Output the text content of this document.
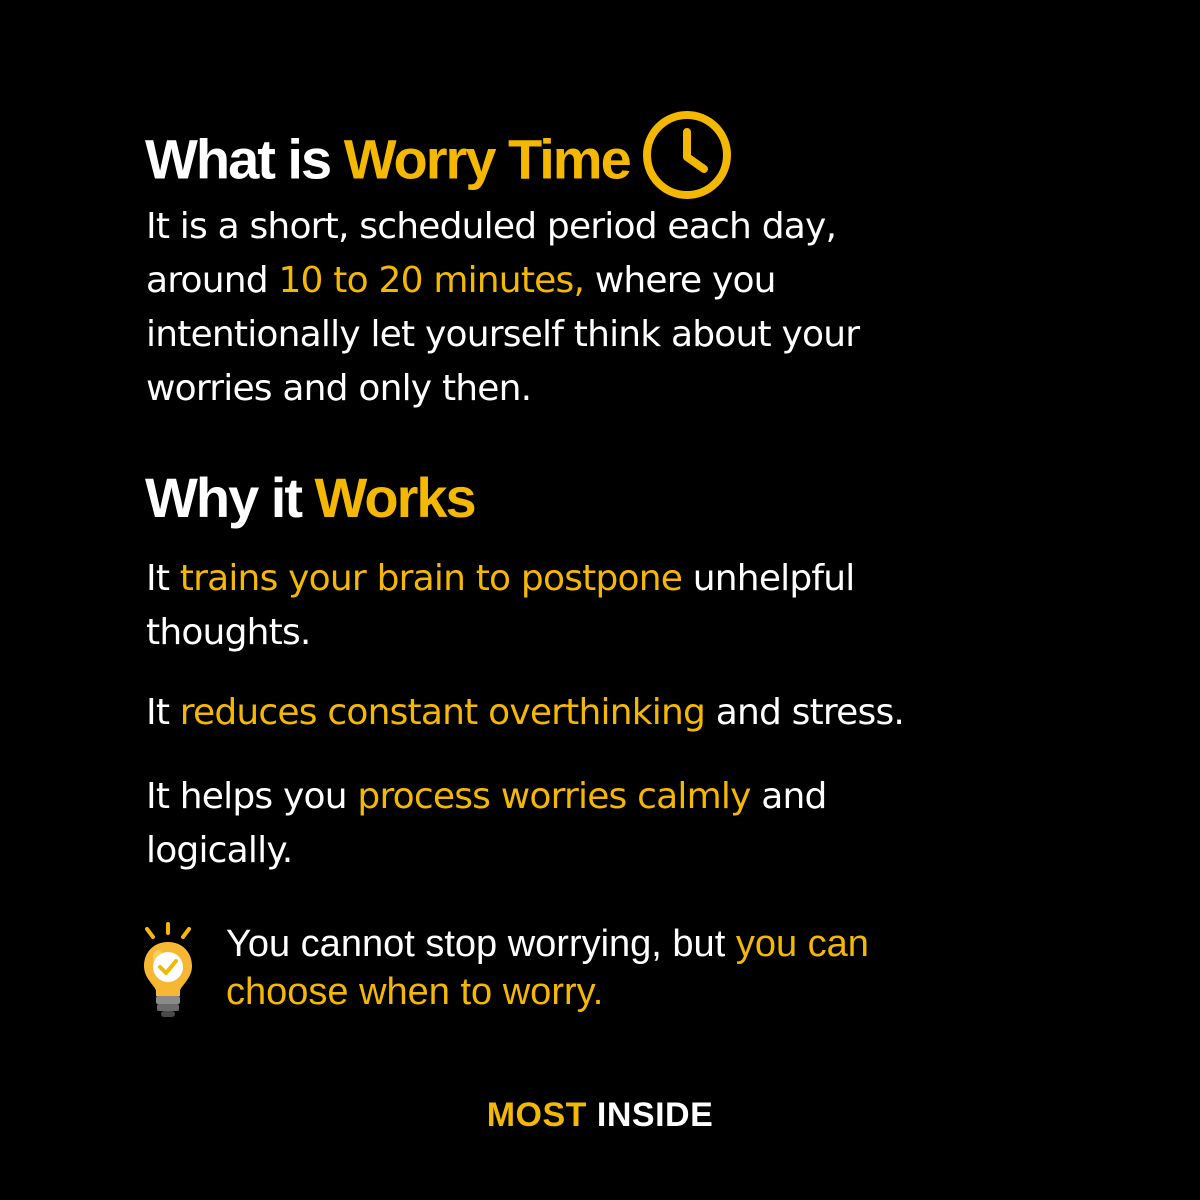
What is Worry Time
It is a short, scheduled period each day,
around 10 to 20 minutes, where you
intentionally let yourself think about your
worries and only then.
Why it Works
It trains your brain to postpone unhelpful
thoughts.
It reduces constant overthinking and stress.
It helps you process worries calmly and
logically.
You cannot stop worrying, but you can
choose when to worry.

MOST INSIDE
